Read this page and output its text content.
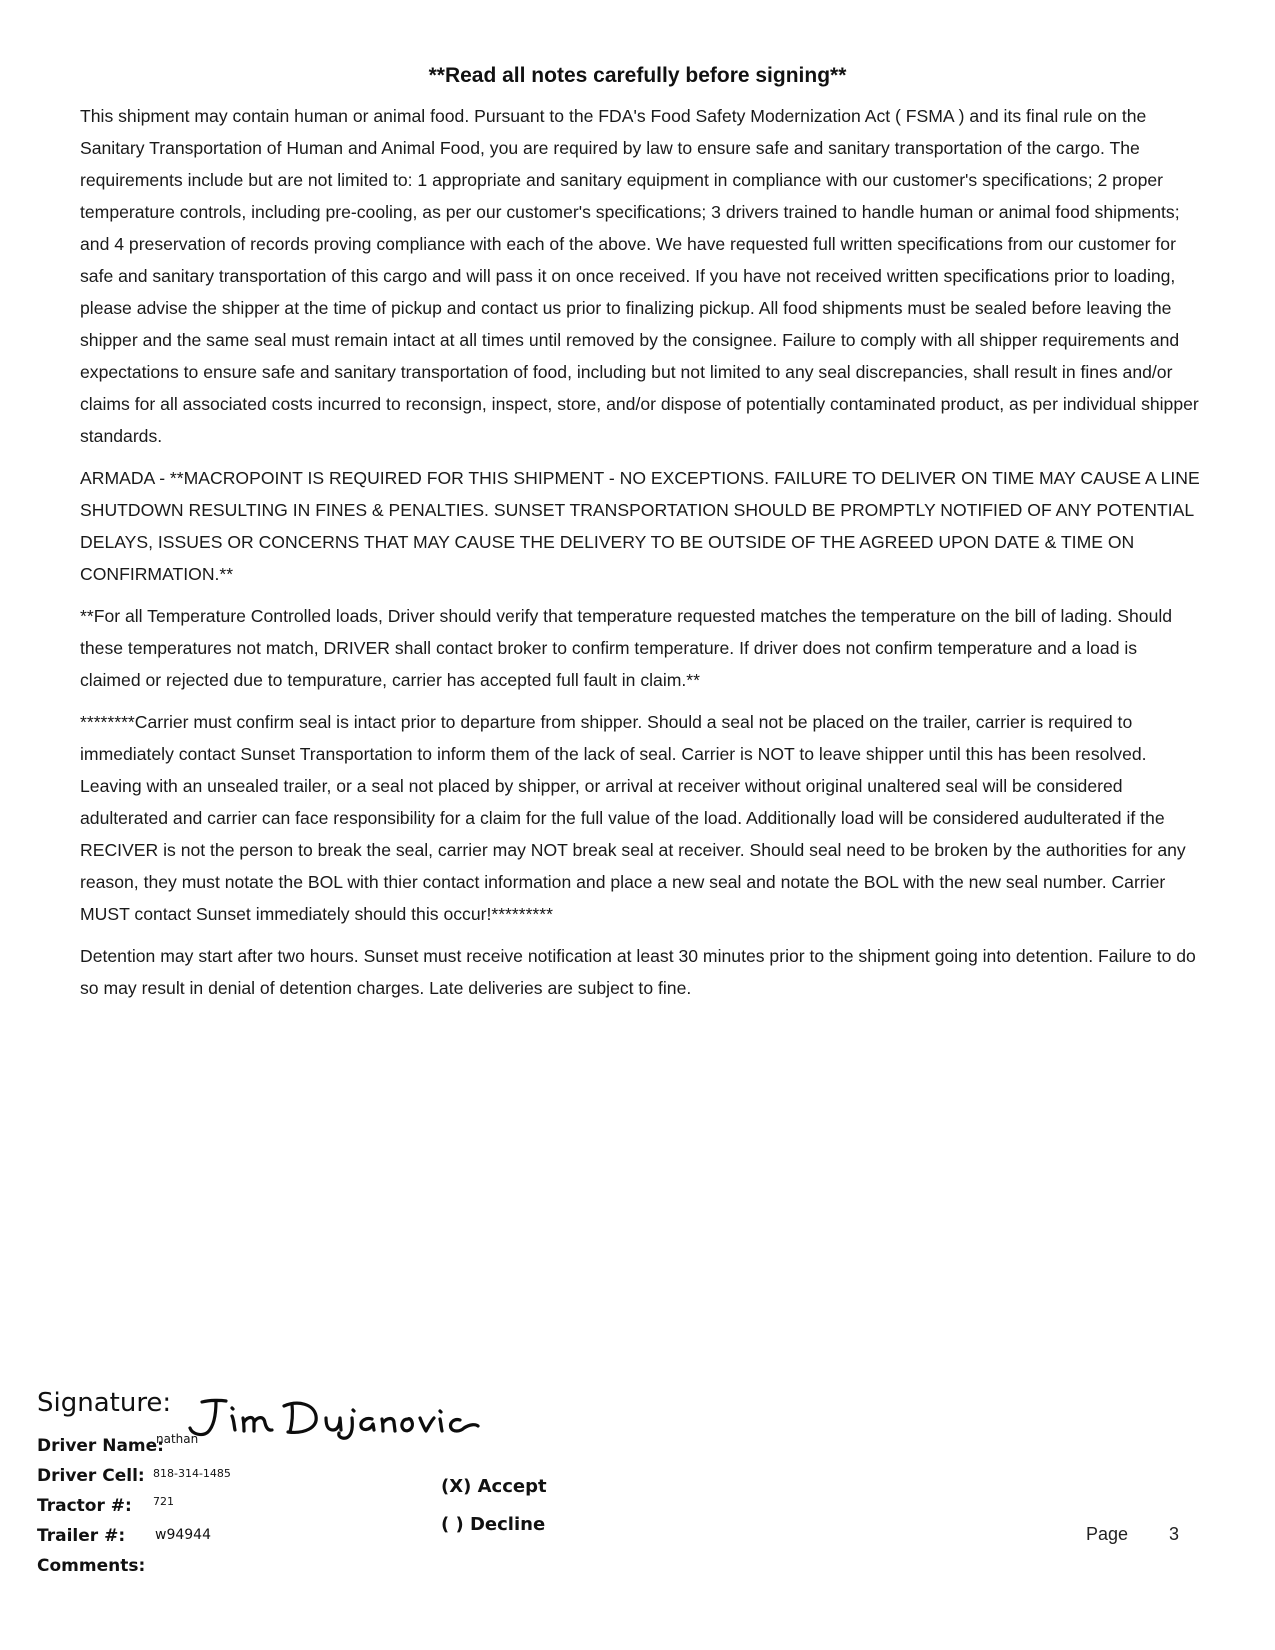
**Read all notes carefully before signing**

This shipment may contain human or animal food. Pursuant to the FDA's Food Safety Modernization Act ( FSMA ) and its final rule on the Sanitary Transportation of Human and Animal Food, you are required by law to ensure safe and sanitary transportation of the cargo. The requirements include but are not limited to: 1 appropriate and sanitary equipment in compliance with our customer's specifications; 2 proper temperature controls, including pre-cooling, as per our customer's specifications; 3 drivers trained to handle human or animal food shipments; and 4 preservation of records proving compliance with each of the above. We have requested full written specifications from our customer for safe and sanitary transportation of this cargo and will pass it on once received. If you have not received written specifications prior to loading, please advise the shipper at the time of pickup and contact us prior to finalizing pickup. All food shipments must be sealed before leaving the shipper and the same seal must remain intact at all times until removed by the consignee. Failure to comply with all shipper requirements and expectations to ensure safe and sanitary transportation of food, including but not limited to any seal discrepancies, shall result in fines and/or claims for all associated costs incurred to reconsign, inspect, store, and/or dispose of potentially contaminated product, as per individual shipper standards.

ARMADA - **MACROPOINT IS REQUIRED FOR THIS SHIPMENT - NO EXCEPTIONS. FAILURE TO DELIVER ON TIME MAY CAUSE A LINE SHUTDOWN RESULTING IN FINES & PENALTIES. SUNSET TRANSPORTATION SHOULD BE PROMPTLY NOTIFIED OF ANY POTENTIAL DELAYS, ISSUES OR CONCERNS THAT MAY CAUSE THE DELIVERY TO BE OUTSIDE OF THE AGREED UPON DATE & TIME ON CONFIRMATION.**

**For all Temperature Controlled loads, Driver should verify that temperature requested matches the temperature on the bill of lading. Should these temperatures not match, DRIVER shall contact broker to confirm temperature. If driver does not confirm temperature and a load is claimed or rejected due to tempurature, carrier has accepted full fault in claim.**

********Carrier must confirm seal is intact prior to departure from shipper. Should a seal not be placed on the trailer, carrier is required to immediately contact Sunset Transportation to inform them of the lack of seal. Carrier is NOT to leave shipper until this has been resolved. Leaving with an unsealed trailer, or a seal not placed by shipper, or arrival at receiver without original unaltered seal will be considered adulterated and carrier can face responsibility for a claim for the full value of the load. Additionally load will be considered audulterated if the RECIVER is not the person to break the seal, carrier may NOT break seal at receiver. Should seal need to be broken by the authorities for any reason, they must notate the BOL with thier contact information and place a new seal and notate the BOL with the new seal number. Carrier MUST contact Sunset immediately should this occur!*********

Detention may start after two hours. Sunset must receive notification at least 30 minutes prior to the shipment going into detention. Failure to do so may result in denial of detention charges. Late deliveries are subject to fine.

Signature:
Driver Name:
nathan
Driver Cell: 818-314-1485
Tractor #: 721
Trailer #: w94944
Comments:
(X) Accept
( ) Decline	Page 3
